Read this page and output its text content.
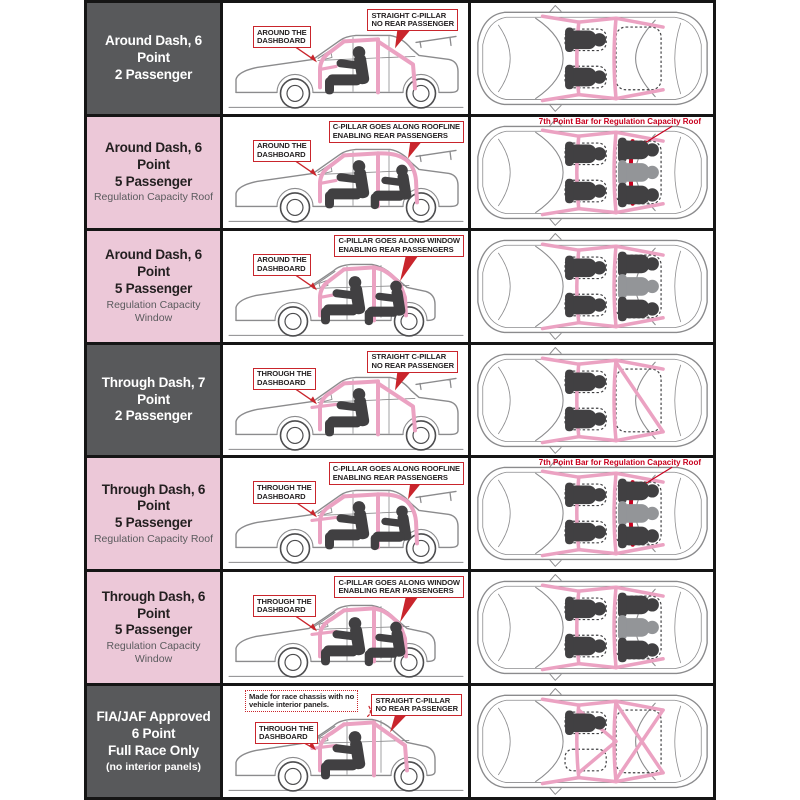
Around Dash, 6 Point
2 Passenger
AROUND THE
DASHBOARD
STRAIGHT C-PILLAR
NO REAR PASSENGER
Around Dash, 6 Point
5 Passenger
Regulation Capacity Roof
AROUND THE
DASHBOARD
C-PILLAR GOES ALONG ROOFLINE
ENABLING REAR PASSENGERS
7th Point Bar for Regulation Capacity Roof
Around Dash, 6 Point
5 Passenger
Regulation Capacity Window
AROUND THE
DASHBOARD
C-PILLAR GOES ALONG WINDOW
ENABLING REAR PASSENGERS
Through Dash, 7 Point
2 Passenger
THROUGH THE
DASHBOARD
STRAIGHT C-PILLAR
NO REAR PASSENGER
Through Dash, 6 Point
5 Passenger
Regulation Capacity Roof
THROUGH THE
DASHBOARD
C-PILLAR GOES ALONG ROOFLINE
ENABLING REAR PASSENGERS
7th Point Bar for Regulation Capacity Roof
Through Dash, 6 Point
5 Passenger
Regulation Capacity Window
THROUGH THE
DASHBOARD
C-PILLAR GOES ALONG WINDOW
ENABLING REAR PASSENGERS
FIA/JAF Approved
6 Point
Full Race Only
(no interior panels)
Made for race chassis with no
vehicle interior panels.
THROUGH THE
DASHBOARD
STRAIGHT C-PILLAR
NO REAR PASSENGER
